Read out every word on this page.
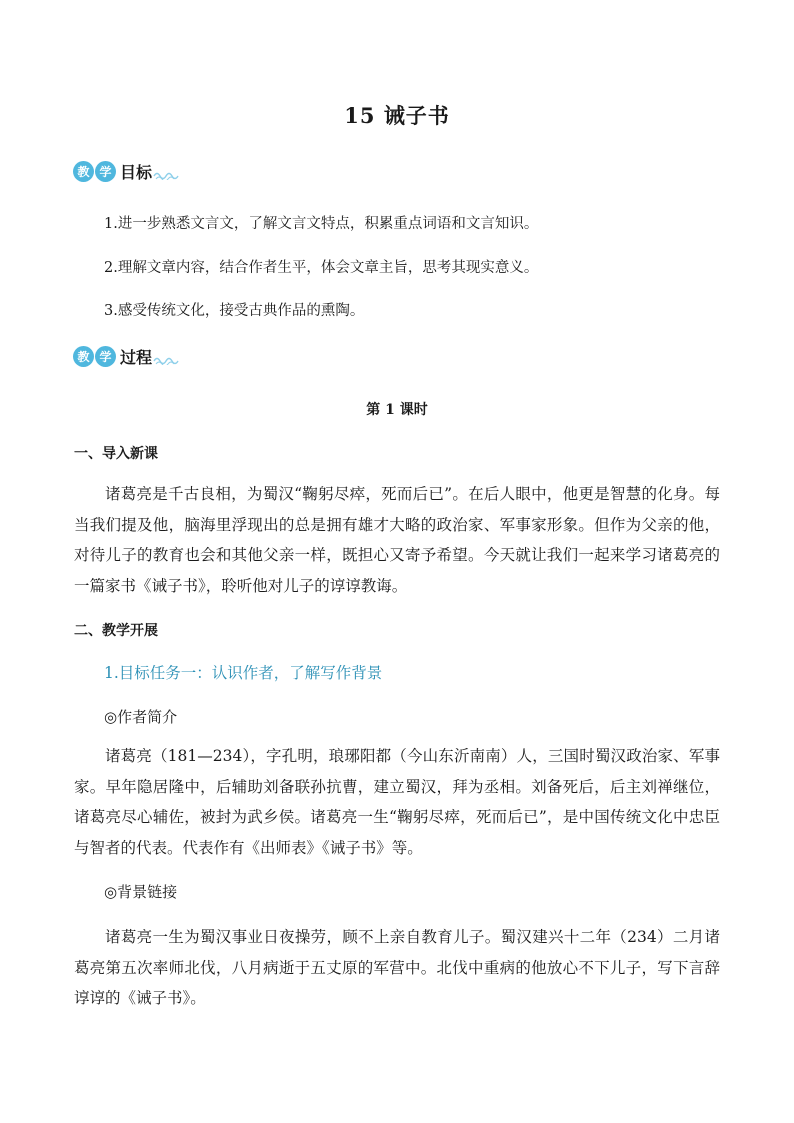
15 诫子书
教 学 目标
1.进一步熟悉文言文，了解文言文特点，积累重点词语和文言知识。
2.理解文章内容，结合作者生平，体会文章主旨，思考其现实意义。
3.感受传统文化，接受古典作品的熏陶。
教 学 过程
第 1 课时
一、导入新课

诸葛亮是千古良相，为蜀汉“鞠躬尽瘁，死而后已”。在后人眼中，他更是智慧的化身。每当我们提及他，脑海里浮现出的总是拥有雄才大略的政治家、军事家形象。但作为父亲的他，对待儿子的教育也会和其他父亲一样，既担心又寄予希望。今天就让我们一起来学习诸葛亮的一篇家书《诫子书》，聆听他对儿子的谆谆教诲。

二、教学开展
1.目标任务一：认识作者，了解写作背景
◎作者简介

诸葛亮（181—234），字孔明，琅琊阳都（今山东沂南南）人，三国时蜀汉政治家、军事家。早年隐居隆中，后辅助刘备联孙抗曹，建立蜀汉，拜为丞相。刘备死后，后主刘禅继位，诸葛亮尽心辅佐，被封为武乡侯。诸葛亮一生“鞠躬尽瘁，死而后已”，是中国传统文化中忠臣与智者的代表。代表作有《出师表》《诫子书》等。

◎背景链接

诸葛亮一生为蜀汉事业日夜操劳，顾不上亲自教育儿子。蜀汉建兴十二年（234）二月诸葛亮第五次率师北伐，八月病逝于五丈原的军营中。北伐中重病的他放心不下儿子，写下言辞谆谆的《诫子书》。
